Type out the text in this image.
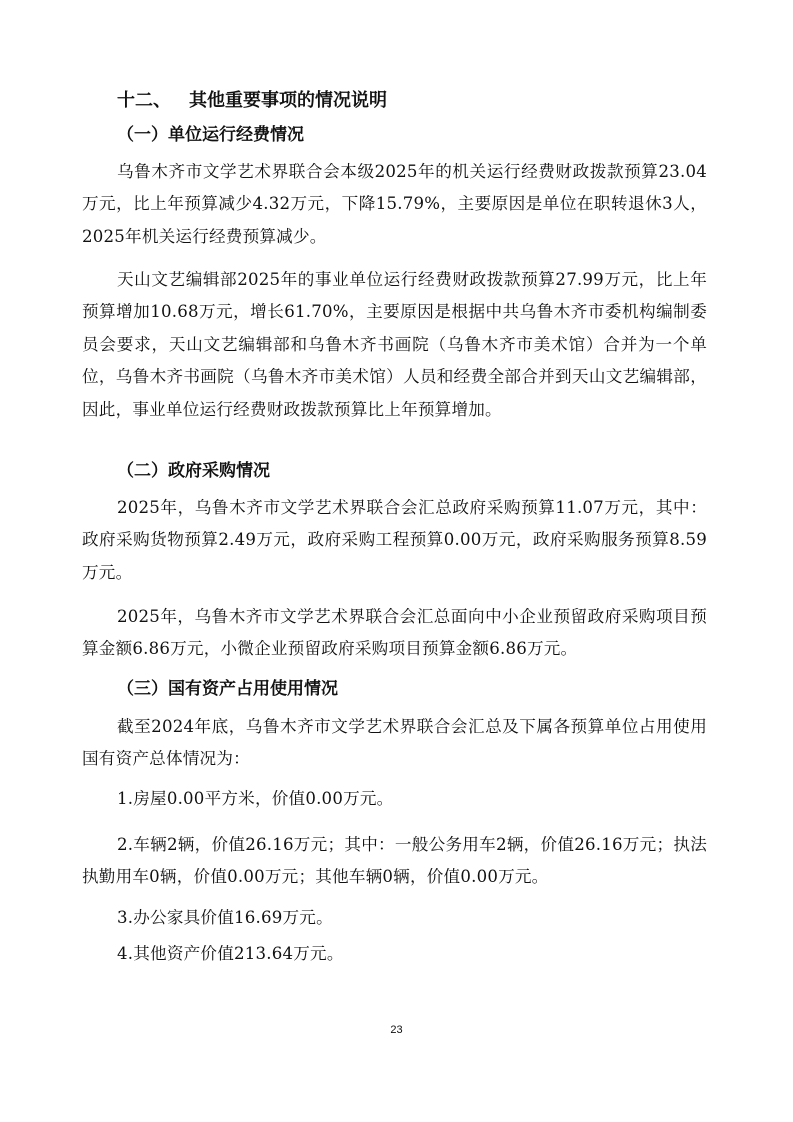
十二、 其他重要事项的情况说明
（一）单位运行经费情况

乌鲁木齐市文学艺术界联合会本级2025年的机关运行经费财政拨款预算23.04万元，比上年预算减少4.32万元，下降15.79%，主要原因是单位在职转退休3人，2025年机关运行经费预算减少。

天山文艺编辑部2025年的事业单位运行经费财政拨款预算27.99万元，比上年预算增加10.68万元，增长61.70%，主要原因是根据中共乌鲁木齐市委机构编制委员会要求，天山文艺编辑部和乌鲁木齐书画院（乌鲁木齐市美术馆）合并为一个单位，乌鲁木齐书画院（乌鲁木齐市美术馆）人员和经费全部合并到天山文艺编辑部，因此，事业单位运行经费财政拨款预算比上年预算增加。

（二）政府采购情况

2025年，乌鲁木齐市文学艺术界联合会汇总政府采购预算11.07万元，其中：政府采购货物预算2.49万元，政府采购工程预算0.00万元，政府采购服务预算8.59万元。

2025年，乌鲁木齐市文学艺术界联合会汇总面向中小企业预留政府采购项目预算金额6.86万元，小微企业预留政府采购项目预算金额6.86万元。

（三）国有资产占用使用情况

截至2024年底，乌鲁木齐市文学艺术界联合会汇总及下属各预算单位占用使用国有资产总体情况为：

1.房屋0.00平方米，价值0.00万元。

2.车辆2辆，价值26.16万元；其中：一般公务用车2辆，价值26.16万元；执法执勤用车0辆，价值0.00万元；其他车辆0辆，价值0.00万元。

3.办公家具价值16.69万元。

4.其他资产价值213.64万元。

23
